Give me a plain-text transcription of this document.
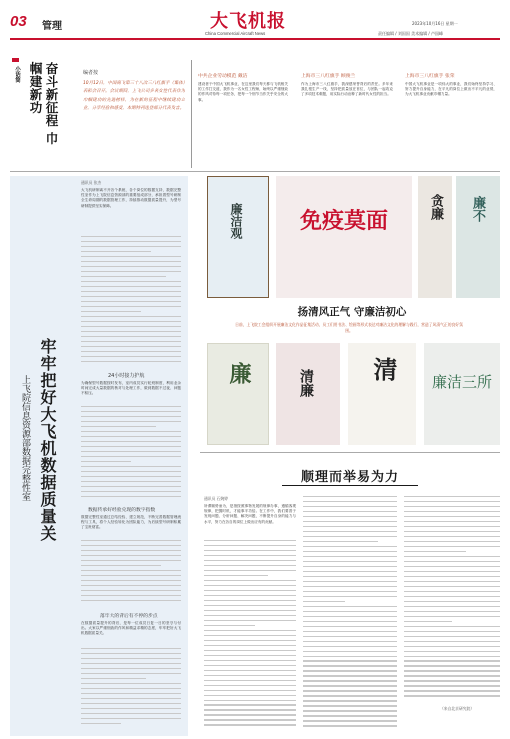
03 管理	大飞机报
China Commercial Aircraft News
2023年10月16日 星期一
责任编辑 / 刘国国 美术编辑 / 卢国峰
小话筒	奋斗新征程 巾帼建新功	编者按
10月12日，中国商飞第三十八次三八红旗手（集体）表彰会召开。会议期间，上飞公司多名女性代表作为巾帼建功的先进榜样，为在新的征程中继续建功立业，分享经验和感受，本期特刊选登部分代表发言。
中共企业劳动模范 戴洁
建设者于中国大飞机事业，在这里我们每天都与飞机相关的工作打交道，我作为一名女性工程师，始终以严谨细致的作风对待每一项任务，把每一个细节当作关乎安全的大事。
上海市三八红旗手 顾俊兰
作为上海市三八红旗手，我深感荣誉背后的责任。多年来我扎根生产一线，坚持把质量放在首位，与团队一起攻克了多项技术难题，用实际行动诠释了新时代女性的担当。
上海市三八红旗手 张荣
中国大飞机事业是一项伟大的事业，我们始终坚持学习、努力提升自身能力，在平凡的岗位上做出不平凡的业绩，为大飞机事业贡献巾帼力量。
牢牢把好大飞机数据质量关
上飞院信息资源部数据完整性室
通讯员 张杰
大飞机研制离不开各个系统、各个岗位的数据支持，数据完整性室作为上飞院信息资源部的重要组成部分，承担着型号研制全生命周期的数据管理工作，持续推动数据质量提升，为型号研制提供坚实保障。
24小时接力护航
为确保型号数据按时发布，室内成员实行轮班制度，利用业余时间完成大量数据的核对与处理工作，做到数据不过夜、问题不积压。
数据传承好经验兑现的数字指数
数据完整性室通过总结经验、建立规范，不断完善数据管理流程与工具，将个人经验转化为团队能力，为后续型号研制积累了宝贵财富。
落牢大的背后有不停的步点
在数据质量提升的背后，是每一位成员日复一日的坚守与付出。大家以严谨细致的作风和精益求精的态度，牢牢把好大飞机数据质量关。
廉洁观	免疫莫面
贪廉 廉不
扬清风正气 守廉洁初心
日前，上飞院工会组织开展廉洁文化作品征集活动，员工们用书法、绘画等形式表达对廉洁文化的理解与践行，营造了风清气正的良好氛围。
廉	清廉 清
廉洁三所
顺理而举易为力
通讯员 石婉婷
所谓顺势而为，是指按照事物发展的规律办事，遵循客观规律，把握时机，才能事半功倍。在工作中，我们要善于发现问题、分析问题、解决问题，不断提升自身的能力与水平，努力在各自的岗位上做出应有的贡献。
（来自北京研究院）
